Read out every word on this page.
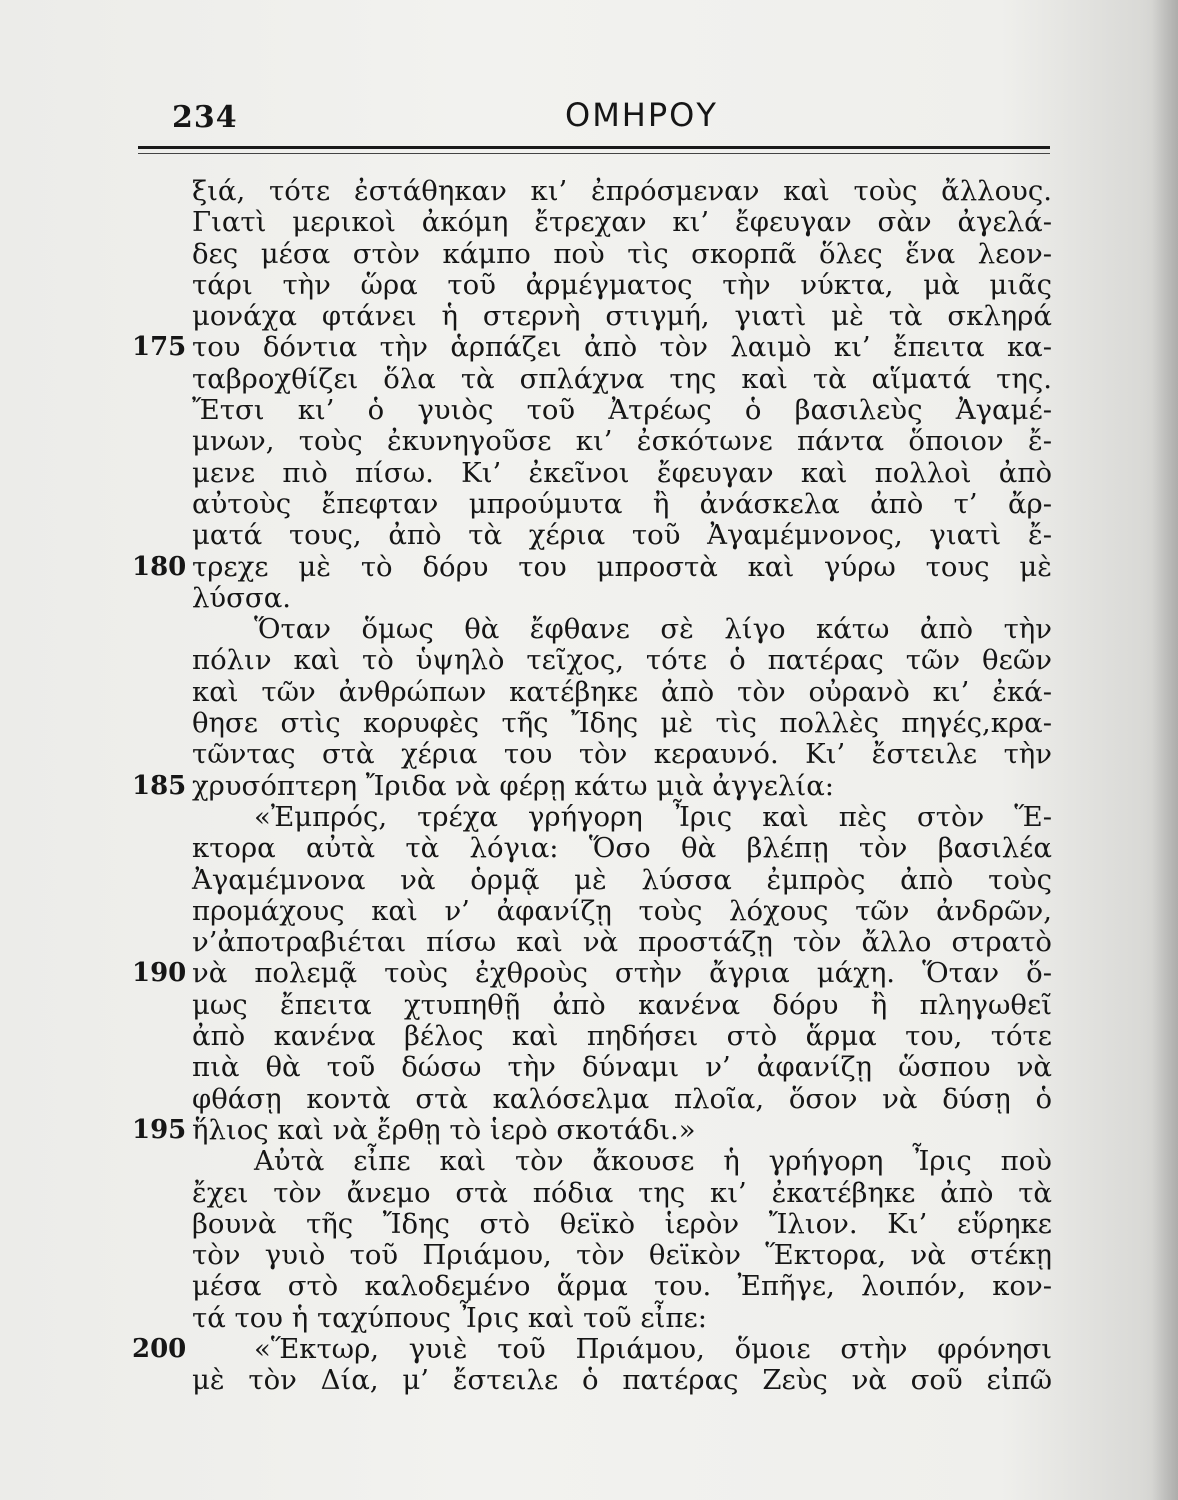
234	ΟΜΗΡΟΥ
ξιά, τότε ἐστάθηκαν κι’ ἐπρόσμεναν καὶ τοὺς ἄλλους.
Γιατὶ μερικοὶ ἀκόμη ἔτρεχαν κι’ ἔφευγαν σὰν ἀγελά-
δες μέσα στὸν κάμπο ποὺ τὶς σκορπᾶ ὅλες ἕνα λεον-
τάρι τὴν ὥρα τοῦ ἀρμέγματος τὴν νύκτα, μὰ μιᾶς
μονάχα φτάνει ἡ στερνὴ στιγμή, γιατὶ μὲ τὰ σκληρά
175 του δόντια τὴν ἁρπάζει ἀπὸ τὸν λαιμὸ κι’ ἔπειτα κα-
ταβροχθίζει ὅλα τὰ σπλάχνα της καὶ τὰ αἵματά της.
Ἔτσι κι’ ὁ γυιὸς τοῦ Ἀτρέως ὁ βασιλεὺς Ἀγαμέ-
μνων, τοὺς ἐκυνηγοῦσε κι’ ἐσκότωνε πάντα ὅποιον ἔ-
μενε πιὸ πίσω. Κι’ ἐκεῖνοι ἔφευγαν καὶ πολλοὶ ἀπὸ
αὐτοὺς ἔπεφταν μπρούμυτα ἢ ἀνάσκελα ἀπὸ τ’ ἄρ-
ματά τους, ἀπὸ τὰ χέρια τοῦ Ἀγαμέμνονος, γιατὶ ἔ-
180 τρεχε μὲ τὸ δόρυ του μπροστὰ καὶ γύρω τους μὲ
λύσσα.
Ὅταν ὅμως θὰ ἔφθανε σὲ λίγο κάτω ἀπὸ τὴν
πόλιν καὶ τὸ ὑψηλὸ τεῖχος, τότε ὁ πατέρας τῶν θεῶν
καὶ τῶν ἀνθρώπων κατέβηκε ἀπὸ τὸν οὐρανὸ κι’ ἐκά-
θησε στὶς κορυφὲς τῆς Ἴδης μὲ τὶς πολλὲς πηγές,κρα-
τῶντας στὰ χέρια του τὸν κεραυνό. Κι’ ἔστειλε τὴν
185 χρυσόπτερη Ἴριδα νὰ φέρῃ κάτω μιὰ ἀγγελία:
«Ἐμπρός, τρέχα γρήγορη Ἶρις καὶ πὲς στὸν Ἕ-
κτορα αὐτὰ τὰ λόγια: Ὅσο θὰ βλέπῃ τὸν βασιλέα
Ἀγαμέμνονα νὰ ὁρμᾷ μὲ λύσσα ἐμπρὸς ἀπὸ τοὺς
προμάχους καὶ ν’ ἀφανίζῃ τοὺς λόχους τῶν ἀνδρῶν,
ν’ἀποτραβιέται πίσω καὶ νὰ προστάζῃ τὸν ἄλλο στρατὸ
190 νὰ πολεμᾷ τοὺς ἐχθροὺς στὴν ἄγρια μάχη. Ὅταν ὅ-
μως ἔπειτα χτυπηθῇ ἀπὸ κανένα δόρυ ἢ πληγωθεῖ
ἀπὸ κανένα βέλος καὶ πηδήσει στὸ ἅρμα του, τότε
πιὰ θὰ τοῦ δώσω τὴν δύναμι ν’ ἀφανίζῃ ὥσπου νὰ
φθάσῃ κοντὰ στὰ καλόσελμα πλοῖα, ὅσον νὰ δύσῃ ὁ
195 ἥλιος καὶ νὰ ἔρθῃ τὸ ἱερὸ σκοτάδι.»
Αὐτὰ εἶπε καὶ τὸν ἄκουσε ἡ γρήγορη Ἶρις ποὺ
ἔχει τὸν ἄνεμο στὰ πόδια της κι’ ἐκατέβηκε ἀπὸ τὰ
βουνὰ τῆς Ἴδης στὸ θεϊκὸ ἱερὸν Ἴλιον. Κι’ εὕρηκε
τὸν γυιὸ τοῦ Πριάμου, τὸν θεϊκὸν Ἕκτορα, νὰ στέκῃ
μέσα στὸ καλοδεμένο ἅρμα του. Ἐπῆγε, λοιπόν, κον-
τά του ἡ ταχύπους Ἶρις καὶ τοῦ εἶπε:
200 «Ἕκτωρ, γυιὲ τοῦ Πριάμου, ὅμοιε στὴν φρόνησι
μὲ τὸν Δία, μ’ ἔστειλε ὁ πατέρας Ζεὺς νὰ σοῦ εἰπῶ
